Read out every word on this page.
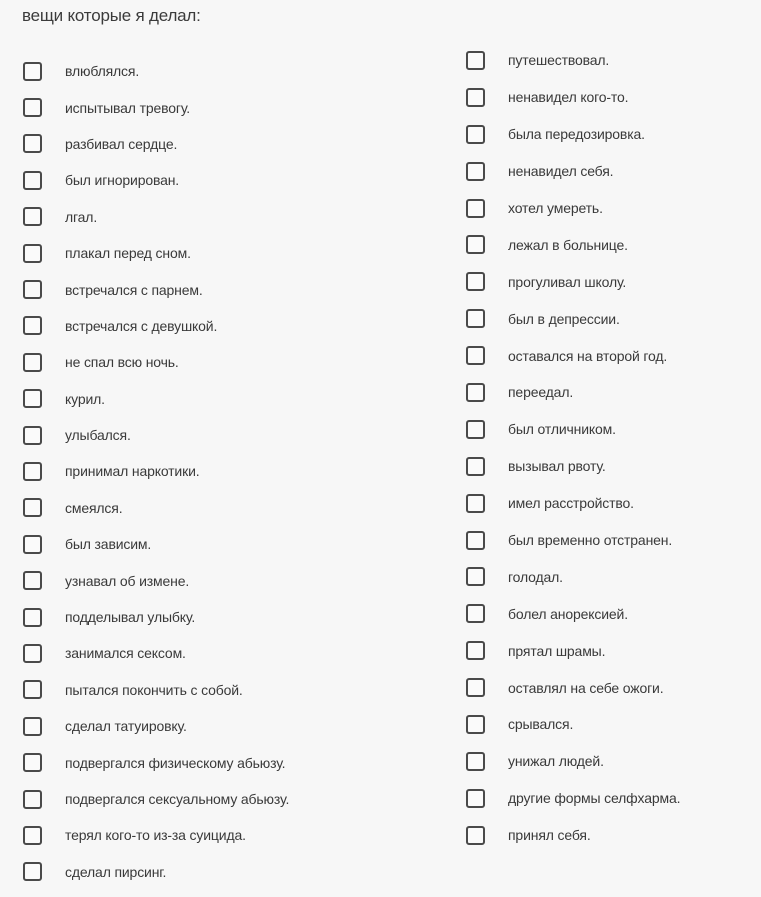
вещи которые я делал:
влюблялся.
испытывал тревогу.
разбивал сердце.
был игнорирован.
лгал.
плакал перед сном.
встречался с парнем.
встречался с девушкой.
не спал всю ночь.
курил.
улыбался.
принимал наркотики.
смеялся.
был зависим.
узнавал об измене.
подделывал улыбку.
занимался сексом.
пытался покончить с собой.
сделал татуировку.
подвергался физическому абьюзу.
подвергался сексуальному абьюзу.
терял кого-то из-за суицида.
сделал пирсинг.
путешествовал.
ненавидел кого-то.
была передозировка.
ненавидел себя.
хотел умереть.
лежал в больнице.
прогуливал школу.
был в депрессии.
оставался на второй год.
переедал.
был отличником.
вызывал рвоту.
имел расстройство.
был временно отстранен.
голодал.
болел анорексией.
прятал шрамы.
оставлял на себе ожоги.
срывался.
унижал людей.
другие формы селфхарма.
принял себя.
